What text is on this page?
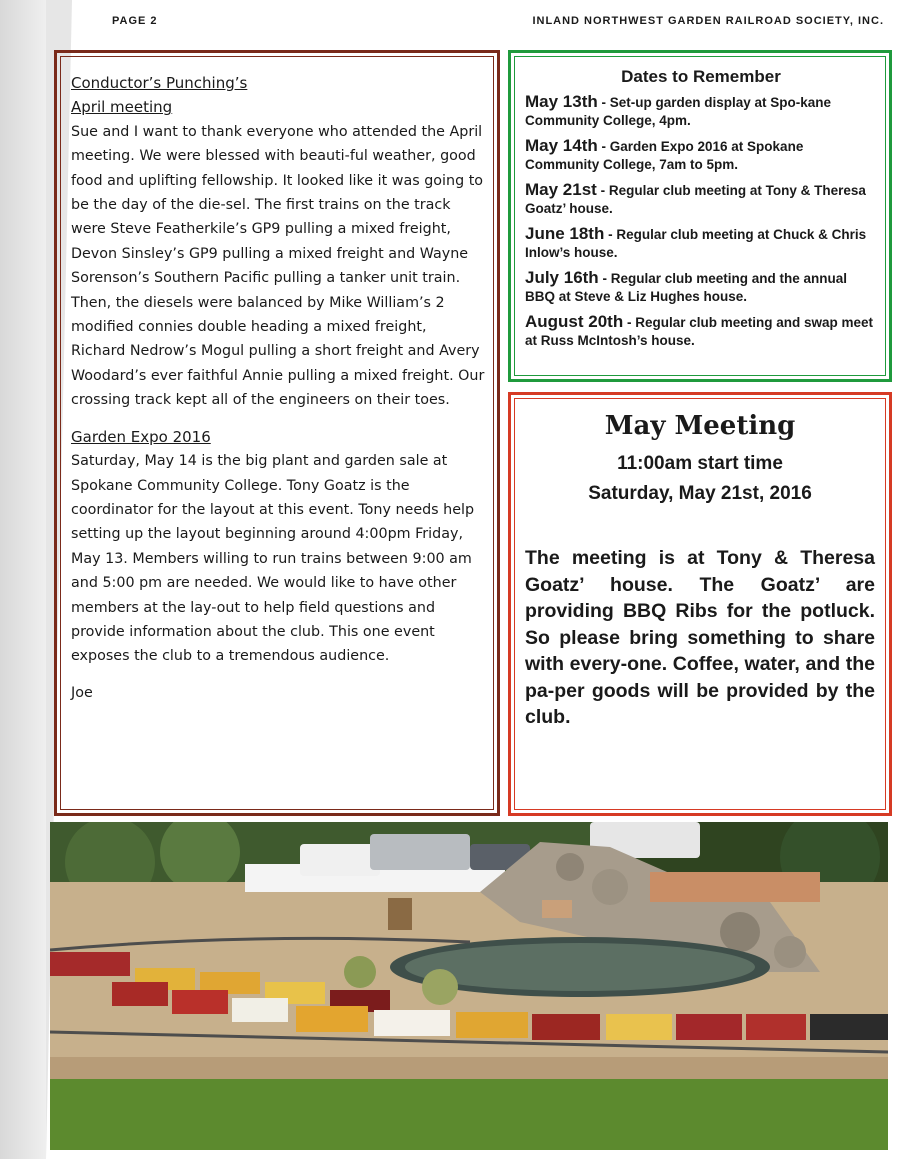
PAGE 2	INLAND NORTHWEST GARDEN RAILROAD SOCIETY, INC.

Conductor’s Punching’s

April meeting

Sue and I want to thank everyone who attended the April meeting. We were blessed with beauti-ful weather, good food and uplifting fellowship. It looked like it was going to be the day of the die-sel. The first trains on the track were Steve Featherkile’s GP9 pulling a mixed freight, Devon Sinsley’s GP9 pulling a mixed freight and Wayne Sorenson’s Southern Pacific pulling a tanker unit train. Then, the diesels were balanced by Mike William’s 2 modified connies double heading a mixed freight, Richard Nedrow’s Mogul pulling a short freight and Avery Woodard’s ever faithful Annie pulling a mixed freight. Our crossing track kept all of the engineers on their toes.

Garden Expo 2016

Saturday, May 14 is the big plant and garden sale at Spokane Community College. Tony Goatz is the coordinator for the layout at this event. Tony needs help setting up the layout beginning around 4:00pm Friday, May 13. Members willing to run trains between 9:00 am and 5:00 pm are needed. We would like to have other members at the lay-out to help field questions and provide information about the club. This one event exposes the club to a tremendous audience.

Joe

Dates to Remember
May 13th - Set-up garden display at Spo-kane Community College, 4pm.
May 14th - Garden Expo 2016 at Spokane Community College, 7am to 5pm.
May 21st - Regular club meeting at Tony & Theresa Goatz’ house.
June 18th - Regular club meeting at Chuck & Chris Inlow’s house.
July 16th - Regular club meeting and the annual BBQ at Steve & Liz Hughes house.
August 20th - Regular club meeting and swap meet at Russ McIntosh’s house.
May Meeting
11:00am start time
Saturday, May 21st, 2016
The meeting is at Tony & Theresa Goatz’ house. The Goatz’ are providing BBQ Ribs for the potluck. So please bring something to share with every-one. Coffee, water, and the pa-per goods will be provided by the club.
